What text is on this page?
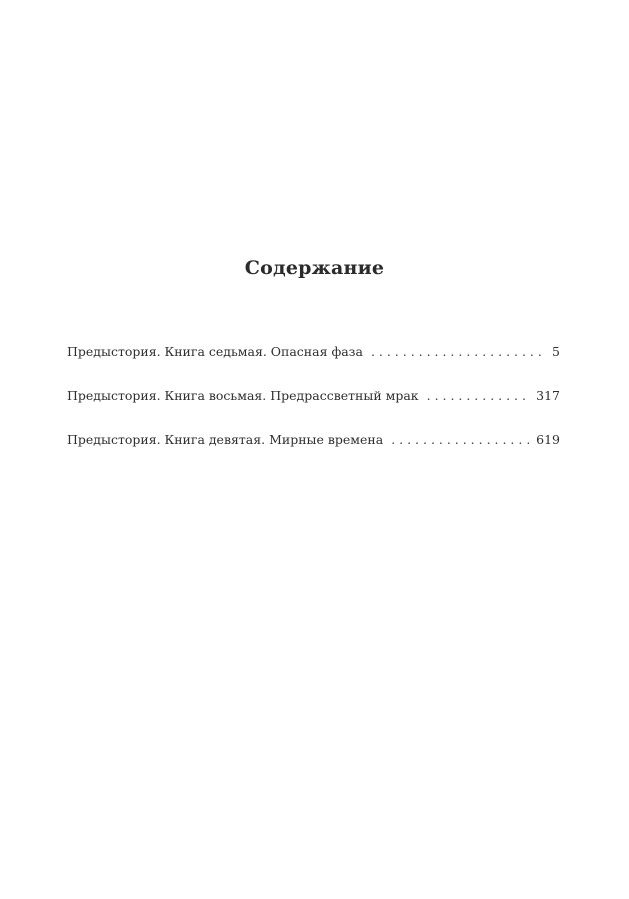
Содержание
Предыстория. Книга седьмая. Опасная фаза . . .	5
Предыстория. Книга восьмая. Предрассветный мрак . . .	317
Предыстория. Книга девятая. Мирные времена . . .	619
